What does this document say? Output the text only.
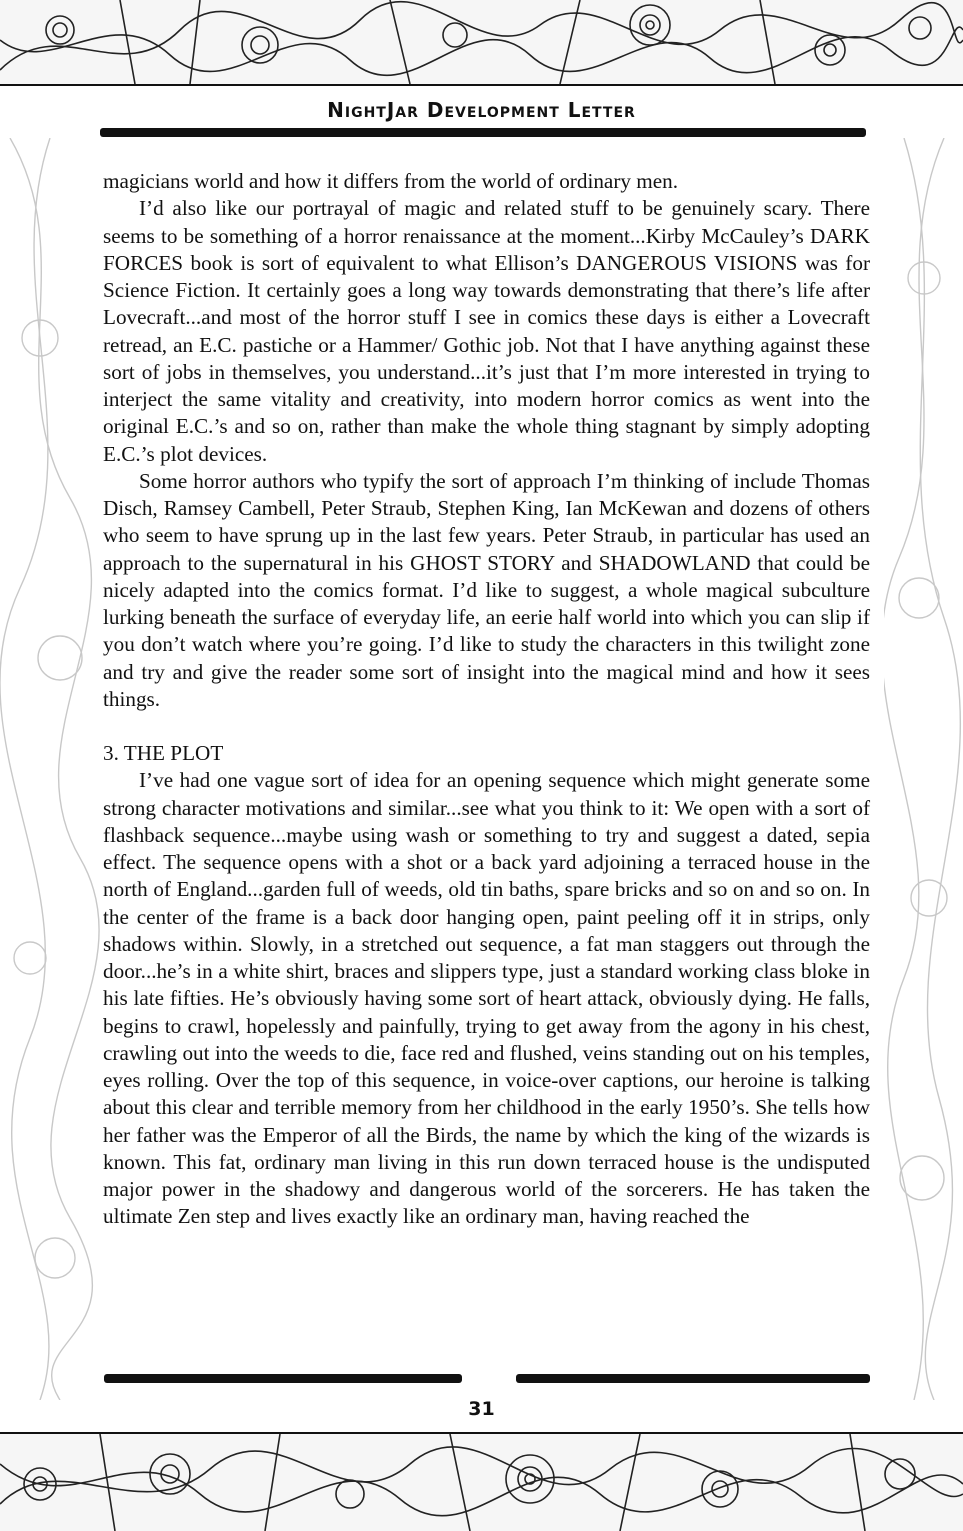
NightJar Development Letter

magicians world and how it differs from the world of ordinary men.

I’d also like our portrayal of magic and related stuff to be genuinely scary. There seems to be something of a horror renaissance at the moment...Kirby McCauley’s DARK FORCES book is sort of equivalent to what Ellison’s DANGEROUS VISIONS was for Science Fiction. It certainly goes a long way towards demonstrating that there’s life after Lovecraft...and most of the horror stuff I see in comics these days is either a Lovecraft retread, an E.C. pastiche or a Hammer/ Gothic job. Not that I have anything against these sort of jobs in themselves, you understand...it’s just that I’m more interested in trying to interject the same vitality and creativity, into modern horror comics as went into the original E.C.’s and so on, rather than make the whole thing stagnant by simply adopting E.C.’s plot devices.

Some horror authors who typify the sort of approach I’m thinking of include Thomas Disch, Ramsey Cambell, Peter Straub, Stephen King, Ian McKewan and dozens of others who seem to have sprung up in the last few years. Peter Straub, in particular has used an approach to the supernatural in his GHOST STORY and SHADOWLAND that could be nicely adapted into the comics format. I’d like to suggest, a whole magical subculture lurking beneath the surface of everyday life, an eerie half world into which you can slip if you don’t watch where you’re going. I’d like to study the characters in this twilight zone and try and give the reader some sort of insight into the magical mind and how it sees things.

3. THE PLOT

I’ve had one vague sort of idea for an opening sequence which might generate some strong character motivations and similar...see what you think to it: We open with a sort of flashback sequence...maybe using wash or something to try and suggest a dated, sepia effect. The sequence opens with a shot or a back yard adjoining a terraced house in the north of England...garden full of weeds, old tin baths, spare bricks and so on and so on. In the center of the frame is a back door hanging open, paint peeling off it in strips, only shadows within. Slowly, in a stretched out sequence, a fat man staggers out through the door...he’s in a white shirt, braces and slippers type, just a standard working class bloke in his late fifties. He’s obviously having some sort of heart attack, obviously dying. He falls, begins to crawl, hopelessly and painfully, trying to get away from the agony in his chest, crawling out into the weeds to die, face red and flushed, veins standing out on his temples, eyes rolling. Over the top of this sequence, in voice-over captions, our heroine is talking about this clear and terrible memory from her childhood in the early 1950’s. She tells how her father was the Emperor of all the Birds, the name by which the king of the wizards is known. This fat, ordinary man living in this run down terraced house is the undisputed major power in the shadowy and dangerous world of the sorcerers. He has taken the ultimate Zen step and lives exactly like an ordinary man, having reached the

31
